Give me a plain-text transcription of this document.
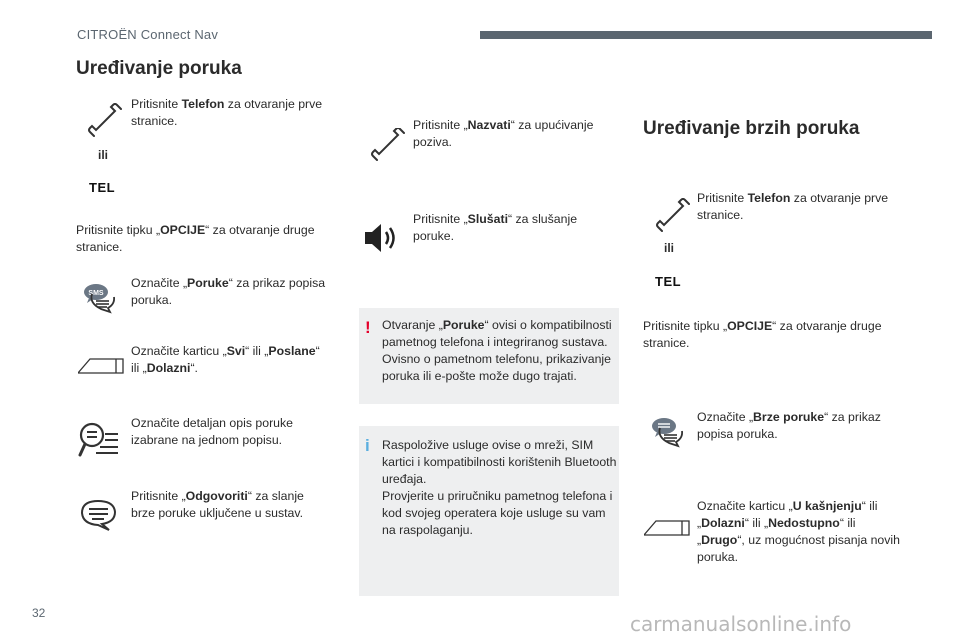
CITROËN Connect Nav
Uređivanje poruka
Pritisnite Telefon za otvaranje prve stranice.
ili
TEL
Pritisnite tipku „OPCIJE“ za otvaranje druge stranice.
SMS
Označite „Poruke“ za prikaz popisa poruka.
Označite karticu „Svi“ ili „Poslane“ ili „Dolazni“.
Označite detaljan opis poruke izabrane na jednom popisu.
Pritisnite „Odgovoriti“ za slanje brze poruke uključene u sustav.
Pritisnite „Nazvati“ za upućivanje poziva.
Pritisnite „Slušati“ za slušanje poruke.
! Otvaranje „Poruke“ ovisi o kompatibilnosti pametnog telefona i integriranog sustava. Ovisno o pametnom telefonu, prikazivanje poruka ili e-pošte može dugo trajati.
i Raspoložive usluge ovise o mreži, SIM kartici i kompatibilnosti korištenih Bluetooth uređaja.
Provjerite u priručniku pametnog telefona i kod svojeg operatera koje usluge su vam na raspolaganju.
Uređivanje brzih poruka
Pritisnite Telefon za otvaranje prve stranice.
ili
TEL
Pritisnite tipku „OPCIJE“ za otvaranje druge stranice.
Označite „Brze poruke“ za prikaz popisa poruka.
Označite karticu „U kašnjenju“ ili „Dolazni“ ili „Nedostupno“ ili „Drugo“, uz mogućnost pisanja novih poruka.
32	carmanualsonline.info
